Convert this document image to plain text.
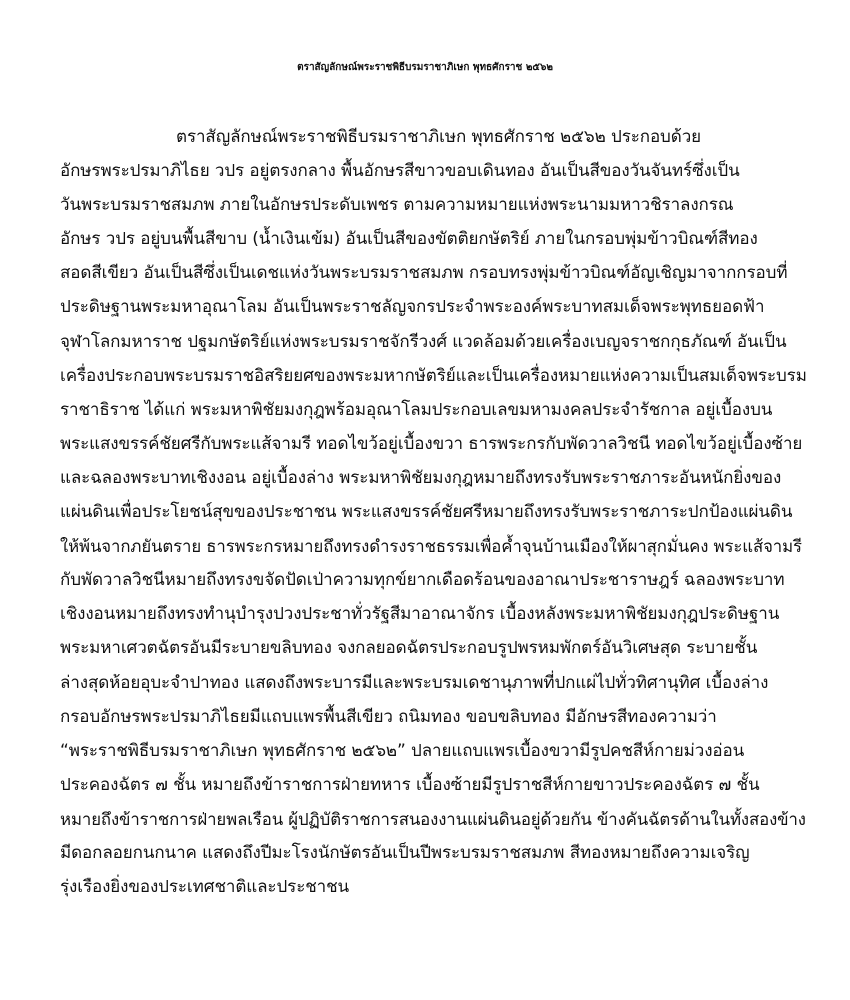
ตราสัญลักษณ์พระราชพิธีบรมราชาภิเษก พุทธศักราช ๒๕๖๒
ตราสัญลักษณ์พระราชพิธีบรมราชาภิเษก พุทธศักราช ๒๕๖๒ ประกอบด้วย
อักษรพระปรมาภิไธย วปร อยู่ตรงกลาง พื้นอักษรสีขาวขอบเดินทอง อันเป็นสีของวันจันทร์ซึ่งเป็น
วันพระบรมราชสมภพ ภายในอักษรประดับเพชร ตามความหมายแห่งพระนามมหาวชิราลงกรณ
อักษร วปร อยู่บนพื้นสีขาบ (น้ำเงินเข้ม) อันเป็นสีของขัตติยกษัตริย์ ภายในกรอบพุ่มข้าวบิณฑ์สีทอง
สอดสีเขียว อันเป็นสีซึ่งเป็นเดชแห่งวันพระบรมราชสมภพ กรอบทรงพุ่มข้าวบิณฑ์อัญเชิญมาจากกรอบที่
ประดิษฐานพระมหาอุณาโลม อันเป็นพระราชลัญจกรประจำพระองค์พระบาทสมเด็จพระพุทธยอดฟ้า
จุฬาโลกมหาราช ปฐมกษัตริย์แห่งพระบรมราชจักรีวงศ์ แวดล้อมด้วยเครื่องเบญจราชกกุธภัณฑ์ อันเป็น
เครื่องประกอบพระบรมราชอิสริยยศของพระมหากษัตริย์และเป็นเครื่องหมายแห่งความเป็นสมเด็จพระบรม
ราชาธิราช ได้แก่ พระมหาพิชัยมงกุฎพร้อมอุณาโลมประกอบเลขมหามงคลประจำรัชกาล อยู่เบื้องบน
พระแสงขรรค์ชัยศรีกับพระแส้จามรี ทอดไขว้อยู่เบื้องขวา ธารพระกรกับพัดวาลวิชนี ทอดไขว้อยู่เบื้องซ้าย
และฉลองพระบาทเชิงงอน อยู่เบื้องล่าง พระมหาพิชัยมงกุฎหมายถึงทรงรับพระราชภาระอันหนักยิ่งของ
แผ่นดินเพื่อประโยชน์สุขของประชาชน พระแสงขรรค์ชัยศรีหมายถึงทรงรับพระราชภาระปกป้องแผ่นดิน
ให้พ้นจากภยันตราย ธารพระกรหมายถึงทรงดำรงราชธรรมเพื่อค้ำจุนบ้านเมืองให้ผาสุกมั่นคง พระแส้จามรี
กับพัดวาลวิชนีหมายถึงทรงขจัดปัดเป่าความทุกข์ยากเดือดร้อนของอาณาประชาราษฎร์ ฉลองพระบาท
เชิงงอนหมายถึงทรงทำนุบำรุงปวงประชาทั่วรัฐสีมาอาณาจักร เบื้องหลังพระมหาพิชัยมงกุฎประดิษฐาน
พระมหาเศวตฉัตรอันมีระบายขลิบทอง จงกลยอดฉัตรประกอบรูปพรหมพักตร์อันวิเศษสุด ระบายชั้น
ล่างสุดห้อยอุบะจำปาทอง แสดงถึงพระบารมีและพระบรมเดชานุภาพที่ปกแผ่ไปทั่วทิศานุทิศ เบื้องล่าง
กรอบอักษรพระปรมาภิไธยมีแถบแพรพื้นสีเขียว ถนิมทอง ขอบขลิบทอง มีอักษรสีทองความว่า
“พระราชพิธีบรมราชาภิเษก พุทธศักราช ๒๕๖๒” ปลายแถบแพรเบื้องขวามีรูปคชสีห์กายม่วงอ่อน
ประคองฉัตร ๗ ชั้น หมายถึงข้าราชการฝ่ายทหาร เบื้องซ้ายมีรูปราชสีห์กายขาวประคองฉัตร ๗ ชั้น
หมายถึงข้าราชการฝ่ายพลเรือน ผู้ปฏิบัติราชการสนองงานแผ่นดินอยู่ด้วยกัน ข้างคันฉัตรด้านในทั้งสองข้าง
มีดอกลอยกนกนาค แสดงถึงปีมะโรงนักษัตรอันเป็นปีพระบรมราชสมภพ สีทองหมายถึงความเจริญ
รุ่งเรืองยิ่งของประเทศชาติและประชาชน
